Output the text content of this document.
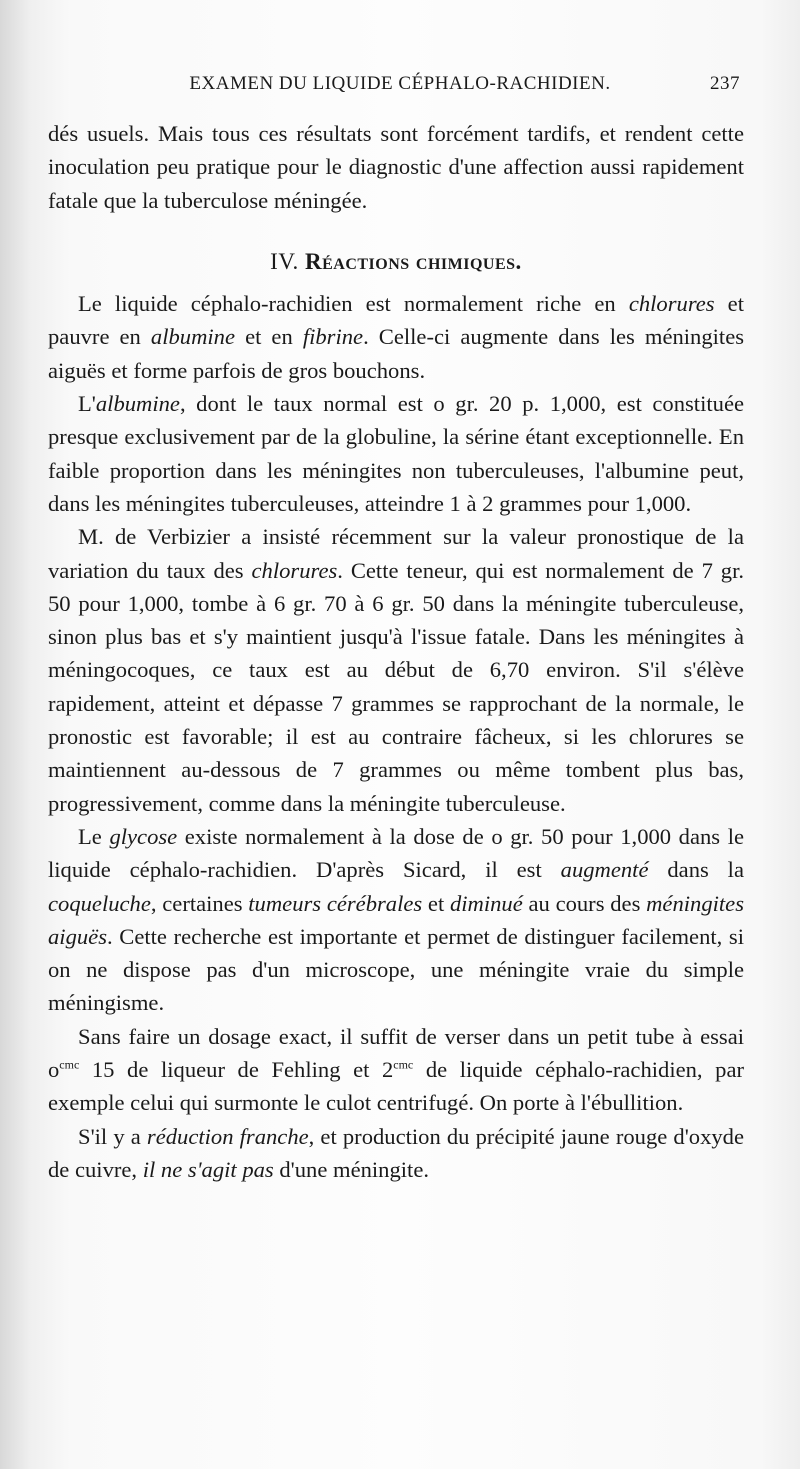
EXAMEN DU LIQUIDE CÉPHALO-RACHIDIEN.	237

dés usuels. Mais tous ces résultats sont forcément tardifs, et rendent cette inoculation peu pratique pour le diagnostic d'une affection aussi rapidement fatale que la tuberculose méningée.

IV. Réactions chimiques.

Le liquide céphalo-rachidien est normalement riche en chlorures et pauvre en albumine et en fibrine. Celle-ci augmente dans les méningites aiguës et forme parfois de gros bouchons.

L'albumine, dont le taux normal est o gr. 20 p. 1,000, est constituée presque exclusivement par de la globuline, la sérine étant exceptionnelle. En faible proportion dans les méningites non tuberculeuses, l'albumine peut, dans les méningites tuberculeuses, atteindre 1 à 2 grammes pour 1,000.

M. de Verbizier a insisté récemment sur la valeur pronostique de la variation du taux des chlorures. Cette teneur, qui est normalement de 7 gr. 50 pour 1,000, tombe à 6 gr. 70 à 6 gr. 50 dans la méningite tuberculeuse, sinon plus bas et s'y maintient jusqu'à l'issue fatale. Dans les méningites à méningocoques, ce taux est au début de 6,70 environ. S'il s'élève rapidement, atteint et dépasse 7 grammes se rapprochant de la normale, le pronostic est favorable; il est au contraire fâcheux, si les chlorures se maintiennent au-dessous de 7 grammes ou même tombent plus bas, progressivement, comme dans la méningite tuberculeuse.

Le glycose existe normalement à la dose de o gr. 50 pour 1,000 dans le liquide céphalo-rachidien. D'après Sicard, il est augmenté dans la coqueluche, certaines tumeurs cérébrales et diminué au cours des méningites aiguës. Cette recherche est importante et permet de distinguer facilement, si on ne dispose pas d'un microscope, une méningite vraie du simple méningisme.

Sans faire un dosage exact, il suffit de verser dans un petit tube à essai $o^{cmc}$ 15 de liqueur de Fehling et $2^{cmc}$ de liquide céphalo-rachidien, par exemple celui qui surmonte le culot centrifugé. On porte à l'ébullition.

S'il y a réduction franche, et production du précipité jaune rouge d'oxyde de cuivre, il ne s'agit pas d'une méningite.
